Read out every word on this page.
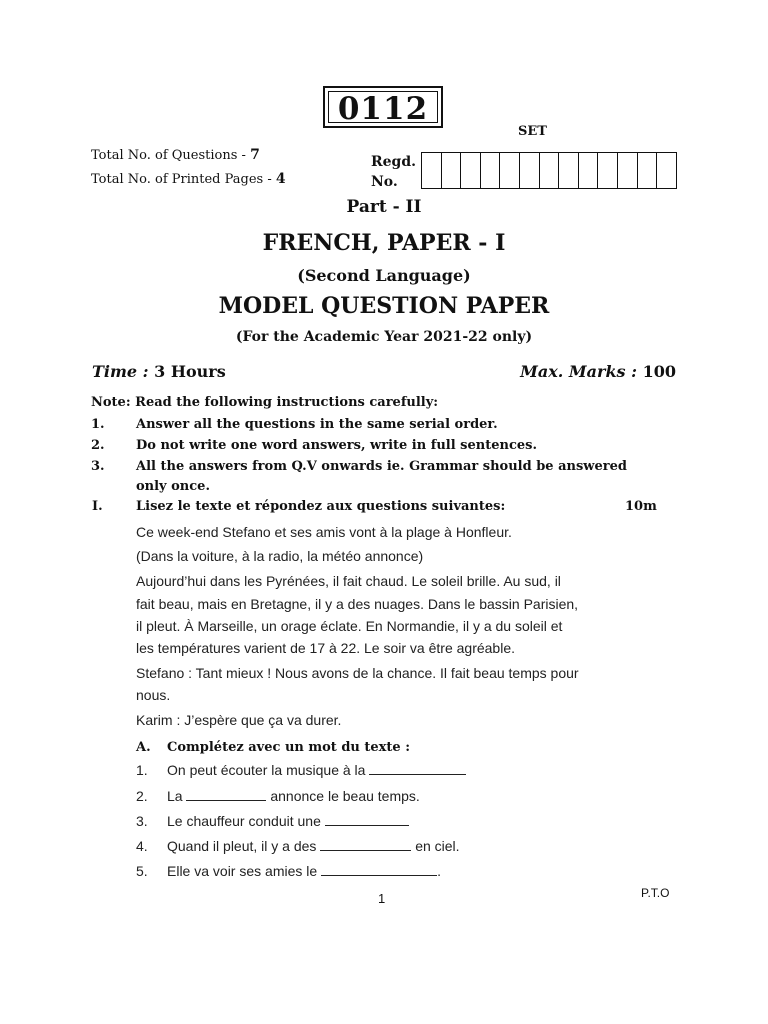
0112
SET
Total No. of Questions - 7
Total No. of Printed Pages - 4
Regd.
No.
Part - II
FRENCH, PAPER - I
(Second Language)
MODEL QUESTION PAPER
(For the Academic Year 2021-22 only)
Time : 3 Hours	Max. Marks : 100
Note: Read the following instructions carefully:
1. Answer all the questions in the same serial order.
2. Do not write one word answers, write in full sentences.
3. All the answers from Q.V onwards ie. Grammar should be answered
only once.
I.	Lisez le texte et répondez aux questions suivantes:	10m
Ce week-end Stefano et ses amis vont à la plage à Honfleur.
(Dans la voiture, à la radio, la météo annonce)
Aujourd’hui dans les Pyrénées, il fait chaud. Le soleil brille. Au sud, il
fait beau, mais en Bretagne, il y a des nuages. Dans le bassin Parisien,
il pleut. À Marseille, un orage éclate. En Normandie, il y a du soleil et
les températures varient de 17 à 22. Le soir va être agréable.
Stefano : Tant mieux ! Nous avons de la chance. Il fait beau temps pour
nous.
Karim : J’espère que ça va durer.
A. Complétez avec un mot du texte :
1. On peut écouter la musique à la
2. La	annonce le beau temps.
3. Le chauffeur conduit une
4. Quand il pleut, il y a des	en ciel.
5. Elle va voir ses amies le	.
1	P.T.O
